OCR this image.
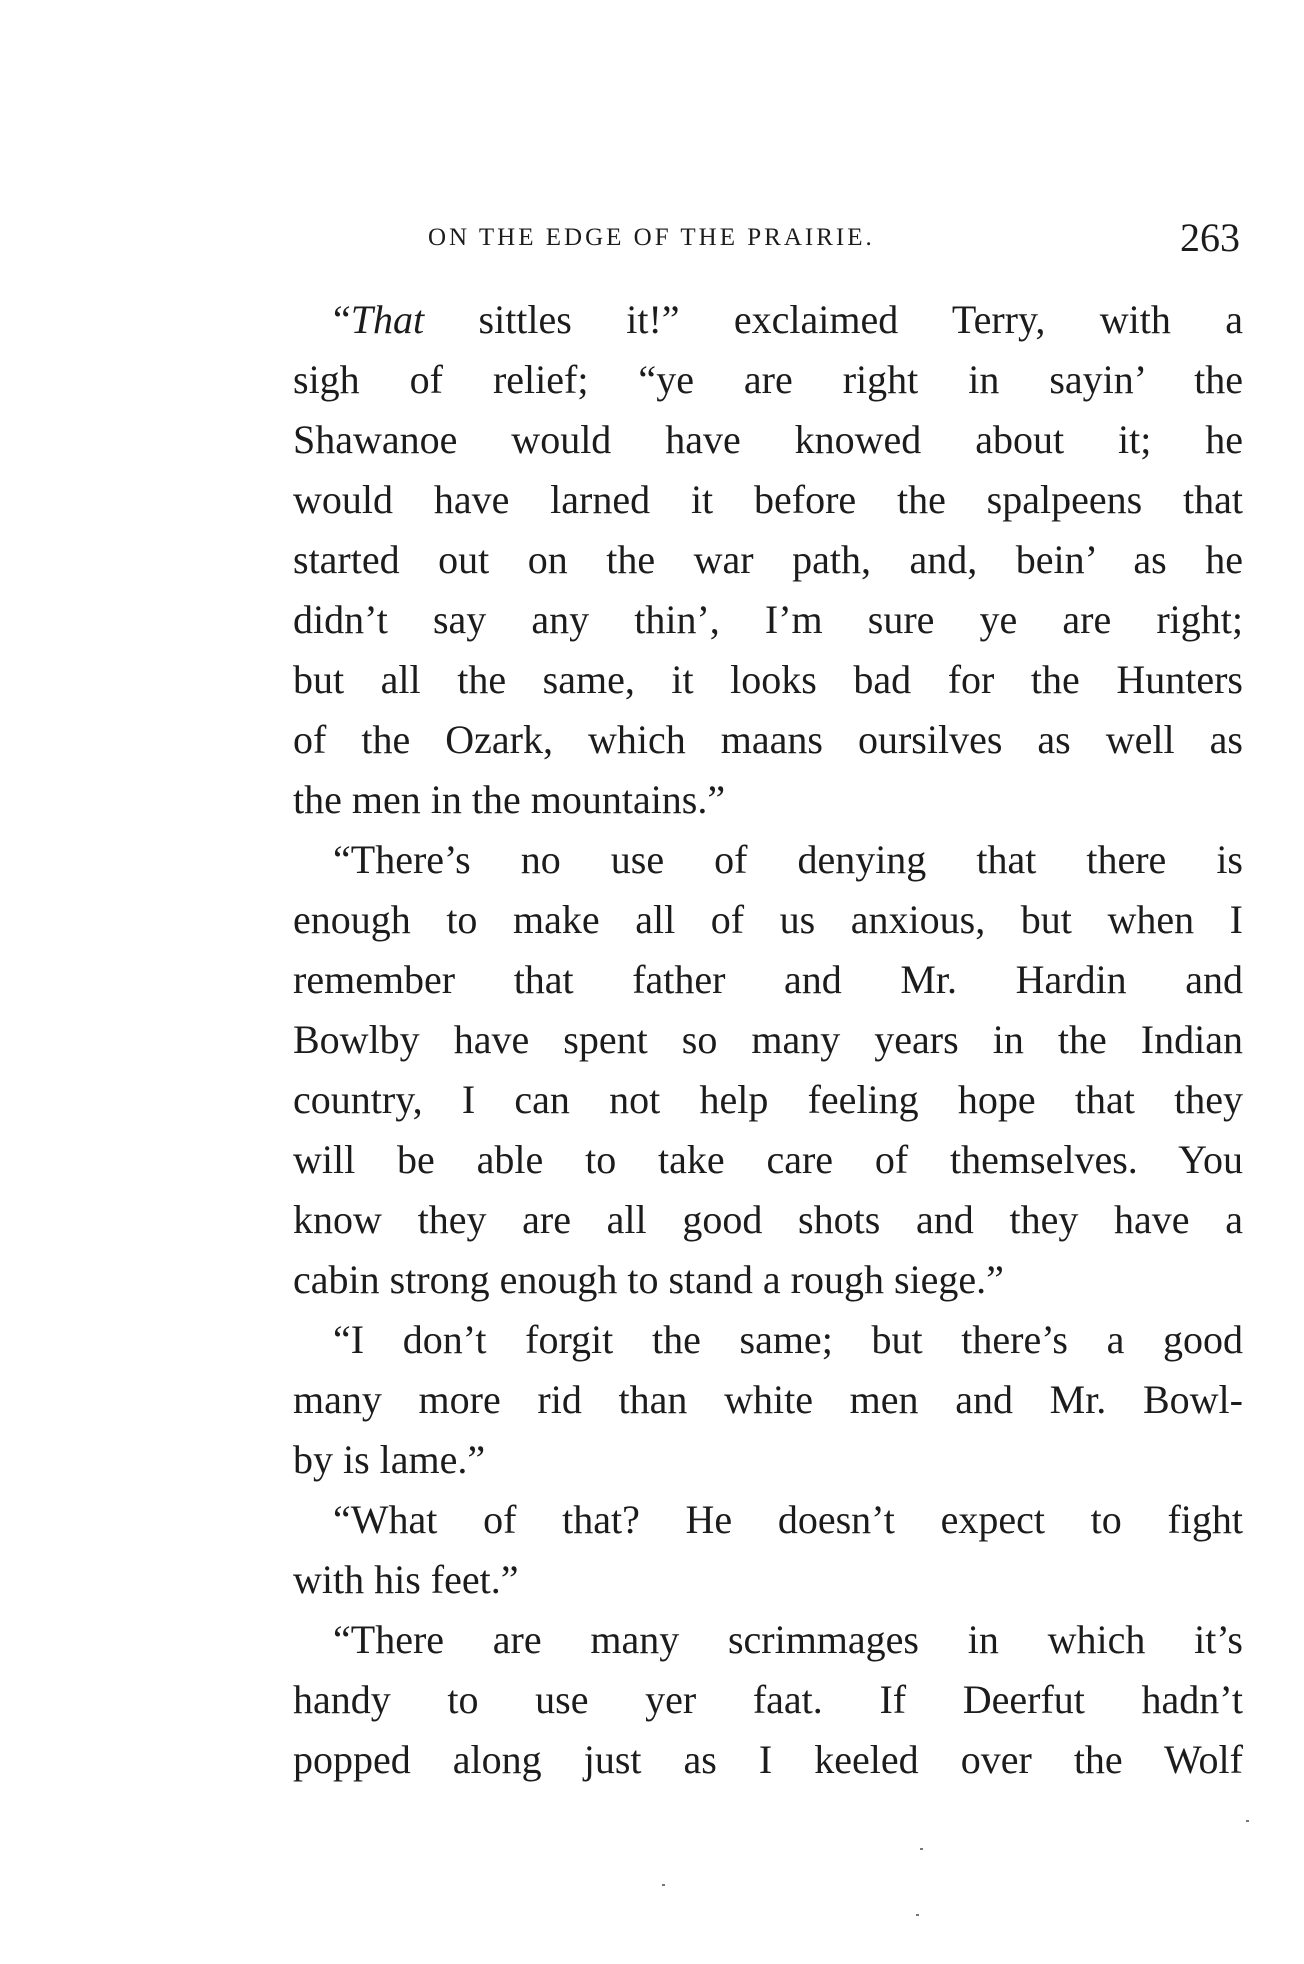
ON THE EDGE OF THE PRAIRIE.	263
“That sittles it!” exclaimed Terry, with a
sigh of relief; “ye are right in sayin’ the
Shawanoe would have knowed about it; he
would have larned it before the spalpeens that
started out on the war path, and, bein’ as he
didn’t say any thin’, I’m sure ye are right;
but all the same, it looks bad for the Hunters
of the Ozark, which maans oursilves as well as
the men in the mountains.”
“There’s no use of denying that there is
enough to make all of us anxious, but when I
remember that father and Mr. Hardin and
Bowlby have spent so many years in the Indian
country, I can not help feeling hope that they
will be able to take care of themselves. You
know they are all good shots and they have a
cabin strong enough to stand a rough siege.”
“I don’t forgit the same; but there’s a good
many more rid than white men and Mr. Bowl-
by is lame.”
“What of that? He doesn’t expect to fight
with his feet.”
“There are many scrimmages in which it’s
handy to use yer faat. If Deerfut hadn’t
popped along just as I keeled over the Wolf
